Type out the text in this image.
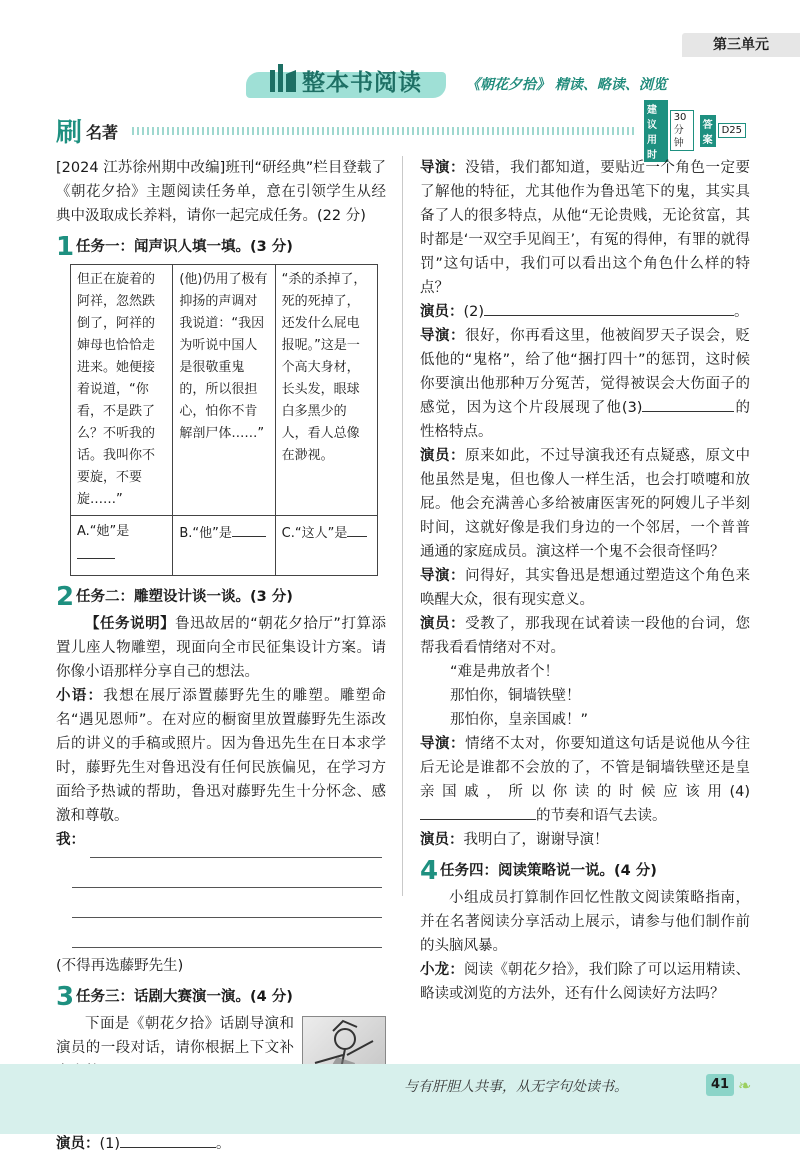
第三单元
整本书阅读	《朝花夕拾》 精读、略读、浏览
刷 名著
建议用时
30 分钟
答案
D25

[2024 江苏徐州期中改编]班刊“研经典”栏目登载了《朝花夕拾》主题阅读任务单，意在引领学生从经典中汲取成长养料，请你一起完成任务。(22 分)

1 任务一：闻声识人填一填。(3 分)
但正在旋着的阿祥，忽然跌倒了，阿祥的婶母也恰恰走进来。她便接着说道，“你看，不是跌了么？不听我的话。我叫你不要旋，不要旋……”	(他)仍用了极有抑扬的声调对我说道：“我因为听说中国人是很敬重鬼的，所以很担心，怕你不肯解剖尸体……”	“杀的杀掉了，死的死掉了，还发什么屁电报呢。”这是一个高大身材，长头发，眼球白多黑少的人，看人总像在渺视。
A.“她”是	B.“他”是	C.“这人”是
2 任务二：雕塑设计谈一谈。(3 分)

【任务说明】鲁迅故居的“朝花夕拾厅”打算添置儿座人物雕塑，现面向全市民征集设计方案。请你像小语那样分享自己的想法。

小语：我想在展厅添置藤野先生的雕塑。雕塑命名“遇见恩师”。在对应的橱窗里放置藤野先生添改后的讲义的手稿或照片。因为鲁迅先生在日本求学时，藤野先生对鲁迅没有任何民族偏见，在学习方面给予热诚的帮助，鲁迅对藤野先生十分怀念、感激和尊敬。

我：

(不得再选藤野先生)

3 任务三：话剧大赛演一演。(4 分)

下面是《朝花夕拾》话剧导演和演员的一段对话，请你根据上下文补

演员：(1)	。

导演：没错，我们都知道，要贴近一个角色一定要了解他的特征，尤其他作为鲁迅笔下的鬼，其实具备了人的很多特点，从他“无论贵贱，无论贫富，其时都是‘一双空手见阎王’，有冤的得伸，有罪的就得罚”这句话中，我们可以看出这个角色什么样的特点？

演员：(2)	。

导演：很好，你再看这里，他被阎罗天子误会，贬低他的“鬼格”，给了他“捆打四十”的惩罚，这时候你要演出他那种万分冤苦，觉得被误会大伤面子的感觉，因为这个片段展现了他(3)	的性格特点。

演员：原来如此，不过导演我还有点疑惑，原文中他虽然是鬼，但也像人一样生活，也会打喷嚏和放屁。他会充满善心多给被庸医害死的阿嫂儿子半刻时间，这就好像是我们身边的一个邻居，一个普普通通的家庭成员。演这样一个鬼不会很奇怪吗？

导演：问得好，其实鲁迅是想通过塑造这个角色来唤醒大众，很有现实意义。

演员：受教了，那我现在试着读一段他的台词，您帮我看看情绪对不对。

“难是弗放者个！

那怕你，铜墙铁壁！

那怕你，皇亲国戚！”

导演：情绪不太对，你要知道这句话是说他从今往后无论是谁都不会放的了，不管是铜墙铁壁还是皇亲国戚，所以你读的时候应该用(4)的节奏和语气去读。

演员：我明白了，谢谢导演！

4 任务四：阅读策略说一说。(4 分)

小组成员打算制作回忆性散文阅读策略指南，并在名著阅读分享活动上展示，请参与他们制作前的头脑风暴。

小龙：阅读《朝花夕拾》，我们除了可以运用精读、略读或浏览的方法外，还有什么阅读好方法吗？

与有肝胆人共事，从无字句处读书。	41 ❧
